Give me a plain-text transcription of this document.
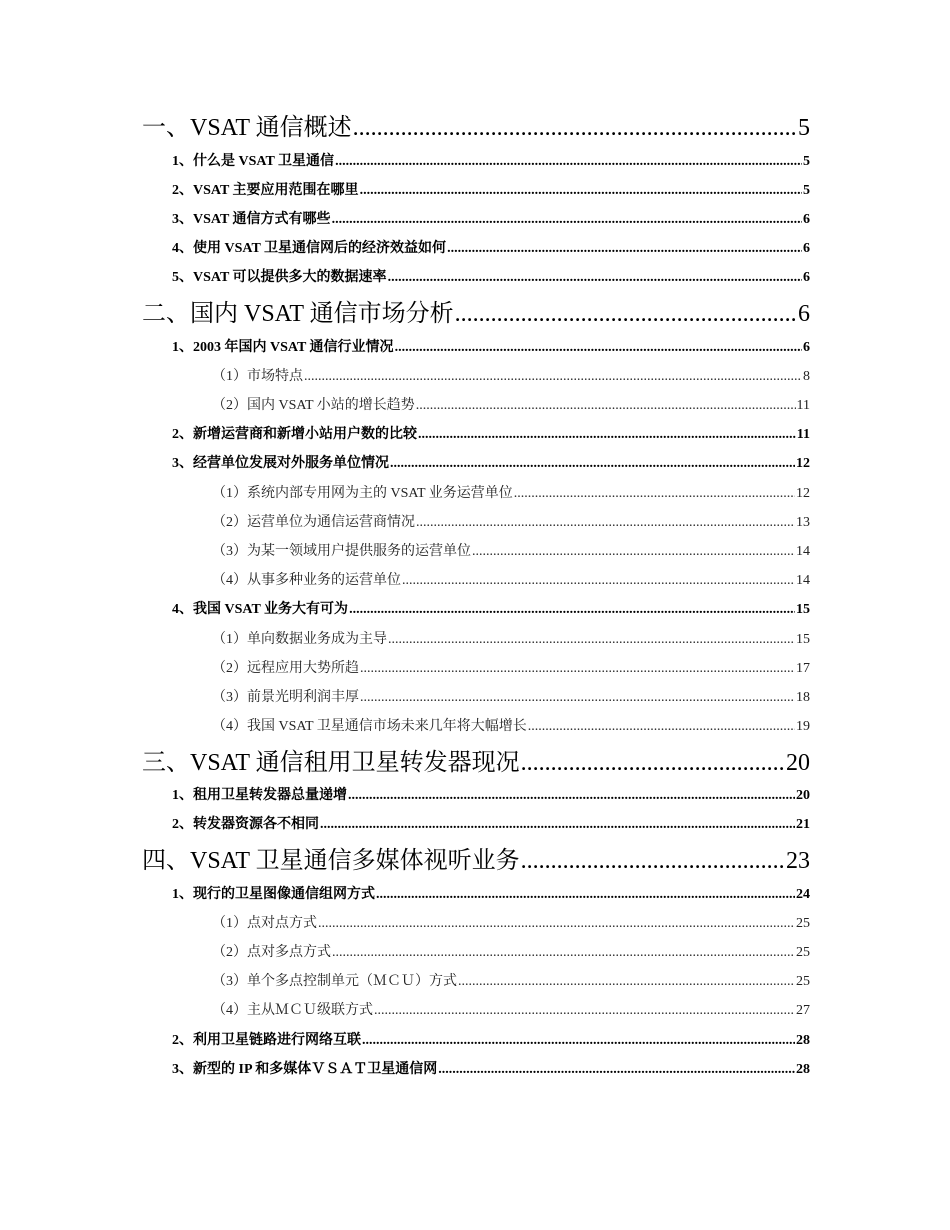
一、VSAT 通信概述 .....	5
1、什么是 VSAT 卫星通信 .....	5
2、VSAT 主要应用范围在哪里 .....	5
3、VSAT 通信方式有哪些 .....	6
4、使用 VSAT 卫星通信网后的经济效益如何 .....	6
5、VSAT 可以提供多大的数据速率 .....	6
二、国内 VSAT 通信市场分析 .....	6
1、2003 年国内 VSAT 通信行业情况 .....	6
（1）市场特点 .....	8
（2）国内 VSAT 小站的增长趋势 .....	11
2、新增运营商和新增小站用户数的比较 .....	11
3、经营单位发展对外服务单位情况 .....	12
（1）系统内部专用网为主的 VSAT 业务运营单位 .....	12
（2）运营单位为通信运营商情况 .....	13
（3）为某一领域用户提供服务的运营单位 .....	14
（4）从事多种业务的运营单位 .....	14
4、我国 VSAT 业务大有可为 .....	15
（1）单向数据业务成为主导 .....	15
（2）远程应用大势所趋 .....	17
（3）前景光明利润丰厚 .....	18
（4）我国 VSAT 卫星通信市场未来几年将大幅增长 .....	19
三、VSAT 通信租用卫星转发器现况 .....	20
1、租用卫星转发器总量递增 .....	20
2、转发器资源各不相同 .....	21
四、VSAT 卫星通信多媒体视听业务 .....	23
1、现行的卫星图像通信组网方式 .....	24
（1）点对点方式 .....	25
（2）点对多点方式 .....	25
（3）单个多点控制单元（ＭＣＵ）方式 .....	25
（4）主从ＭＣＵ级联方式 .....	27
2、利用卫星链路进行网络互联 .....	28
3、新型的 IP 和多媒体ＶＳＡＴ卫星通信网 .....	28
